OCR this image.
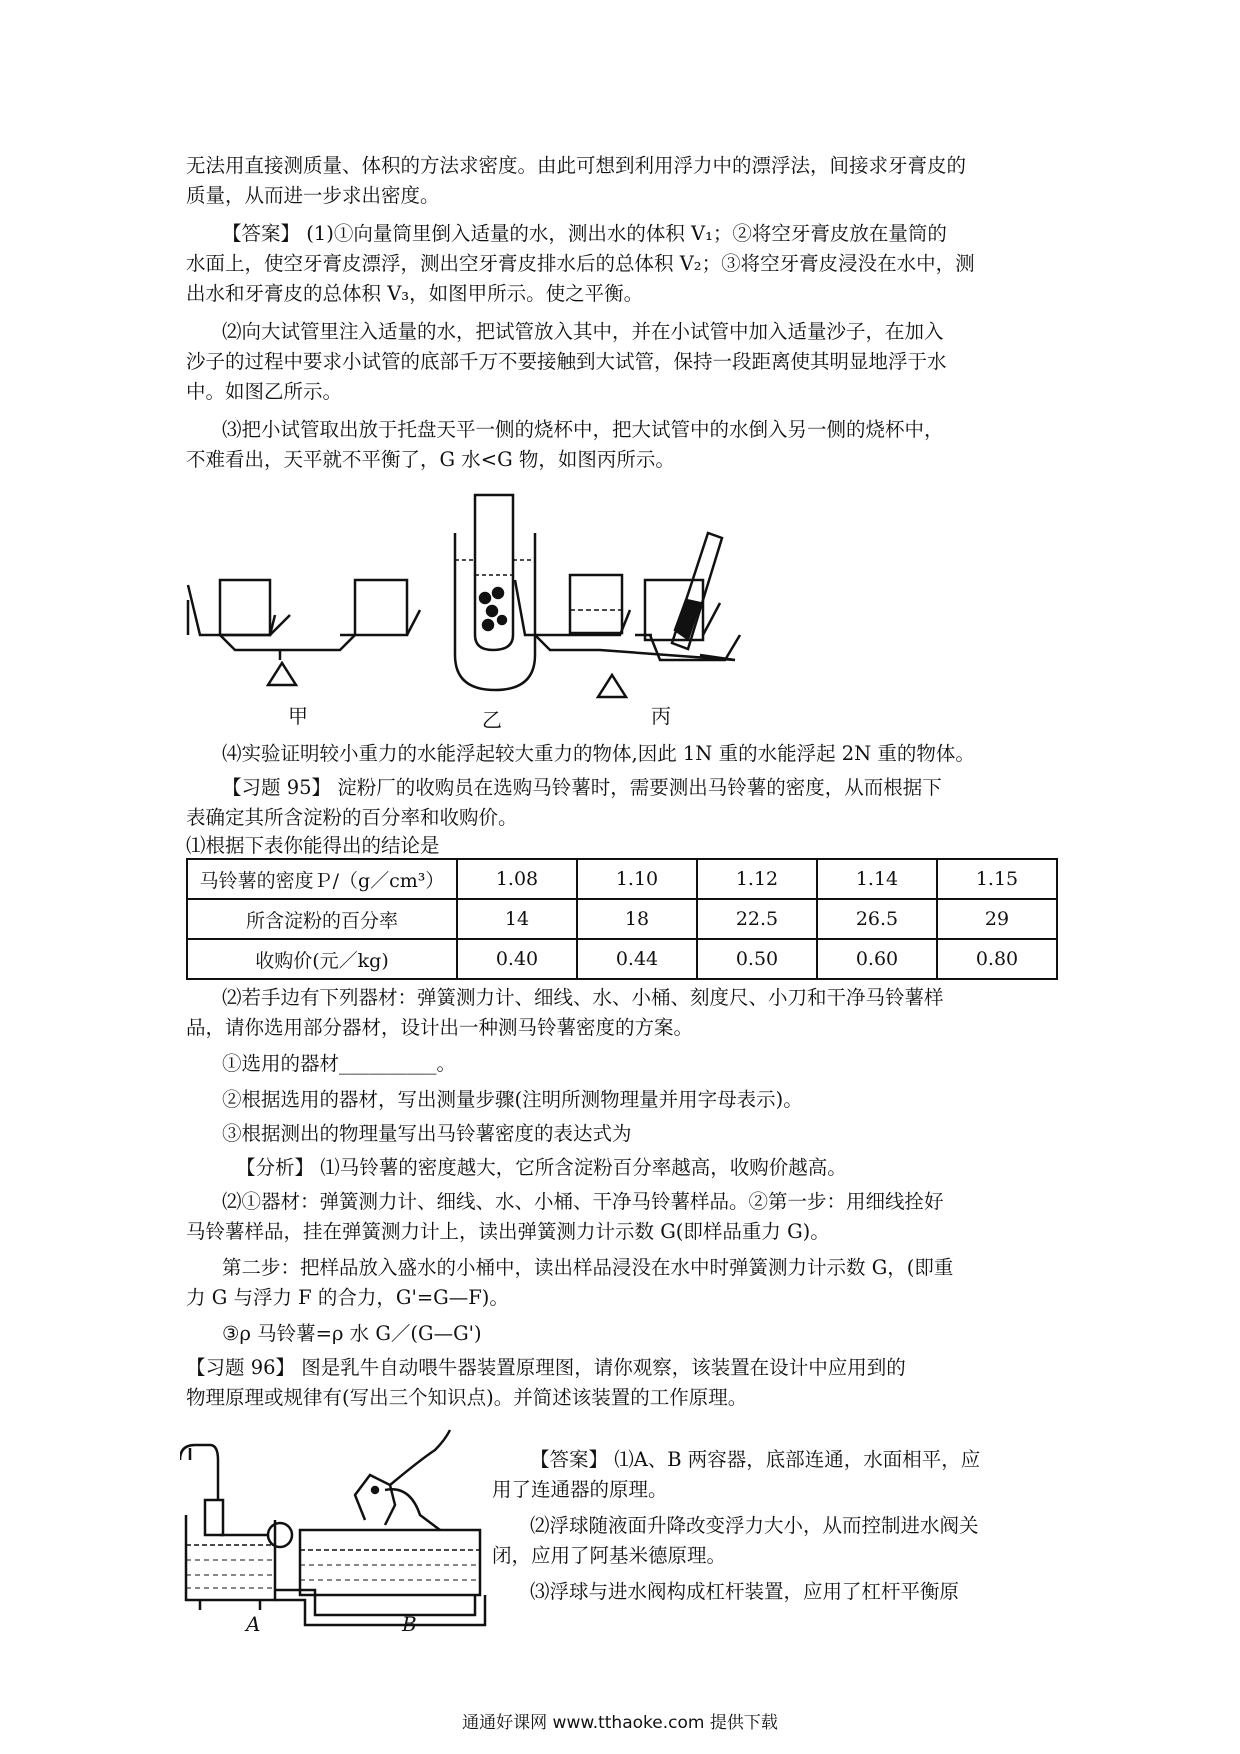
无法用直接测质量、体积的方法求密度。由此可想到利用浮力中的漂浮法，间接求牙膏皮的
质量，从而进一步求出密度。
【答案】 (1)①向量筒里倒入适量的水，测出水的体积 V₁；②将空牙膏皮放在量筒的
水面上，使空牙膏皮漂浮，测出空牙膏皮排水后的总体积 V₂；③将空牙膏皮浸没在水中，测
出水和牙膏皮的总体积 V₃，如图甲所示。使之平衡。
⑵向大试管里注入适量的水，把试管放入其中，并在小试管中加入适量沙子，在加入
沙子的过程中要求小试管的底部千万不要接触到大试管，保持一段距离使其明显地浮于水
中。如图乙所示。
⑶把小试管取出放于托盘天平一侧的烧杯中，把大试管中的水倒入另一侧的烧杯中，
不难看出，天平就不平衡了，G 水<G 物，如图丙所示。
甲	乙	丙
⑷实验证明较小重力的水能浮起较大重力的物体,因此 1N 重的水能浮起 2N 重的物体。
【习题 95】 淀粉厂的收购员在选购马铃薯时，需要测出马铃薯的密度，从而根据下
表确定其所含淀粉的百分率和收购价。
⑴根据下表你能得出的结论是
马铃薯的密度Ｐ/（g／cm³）	1.08	1.10	1.12	1.14	1.15
所含淀粉的百分率	14	18	22.5	26.5	29
收购价(元／kg)	0.40	0.44	0.50	0.60	0.80
⑵若手边有下列器材：弹簧测力计、细线、水、小桶、刻度尺、小刀和干净马铃薯样
品，请你选用部分器材，设计出一种测马铃薯密度的方案。
①选用的器材__________。
②根据选用的器材，写出测量步骤(注明所测物理量并用字母表示)。
③根据测出的物理量写出马铃薯密度的表达式为
【分析】 ⑴马铃薯的密度越大，它所含淀粉百分率越高，收购价越高。
⑵①器材：弹簧测力计、细线、水、小桶、干净马铃薯样品。②第一步：用细线拴好
马铃薯样品，挂在弹簧测力计上，读出弹簧测力计示数 G(即样品重力 G)。
第二步：把样品放入盛水的小桶中，读出样品浸没在水中时弹簧测力计示数 G，(即重
力 G 与浮力 F 的合力，G'=G—F)。
③ρ 马铃薯=ρ 水 G／(G—G')
【习题 96】 图是乳牛自动喂牛器装置原理图，请你观察，该装置在设计中应用到的
物理原理或规律有(写出三个知识点)。并简述该装置的工作原理。
A	B
【答案】 ⑴A、B 两容器，底部连通，水面相平，应
用了连通器的原理。
⑵浮球随液面升降改变浮力大小，从而控制进水阀关
闭，应用了阿基米德原理。
⑶浮球与进水阀构成杠杆装置，应用了杠杆平衡原
通通好课网 www.tthaoke.com 提供下载
